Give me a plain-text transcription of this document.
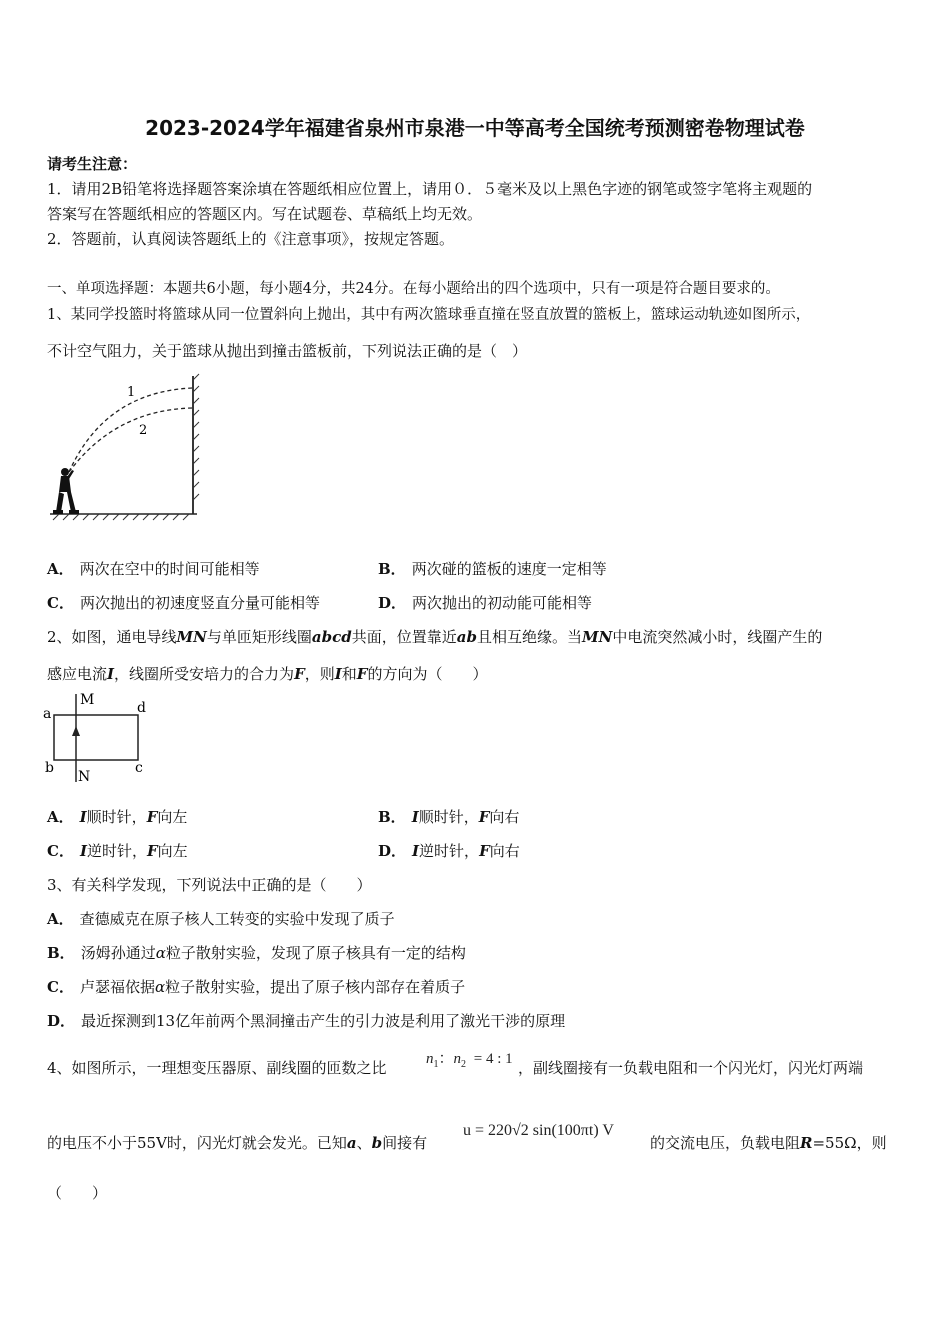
2023-2024学年福建省泉州市泉港一中等高考全国统考预测密卷物理试卷
请考生注意：
1．请用2B铅笔将选择题答案涂填在答题纸相应位置上，请用０．５毫米及以上黑色字迹的钢笔或签字笔将主观题的
答案写在答题纸相应的答题区内。写在试题卷、草稿纸上均无效。
2．答题前，认真阅读答题纸上的《注意事项》，按规定答题。
一、单项选择题：本题共6小题，每小题4分，共24分。在每小题给出的四个选项中，只有一项是符合题目要求的。
1、某同学投篮时将篮球从同一位置斜向上抛出，其中有两次篮球垂直撞在竖直放置的篮板上，篮球运动轨迹如图所示，
不计空气阻力，关于篮球从抛出到撞击篮板前，下列说法正确的是（　）
1
2
A． 两次在空中的时间可能相等	B． 两次碰的篮板的速度一定相等
C． 两次抛出的初速度竖直分量可能相等	D． 两次抛出的初动能可能相等
2、如图，通电导线MN与单匝矩形线圈abcd共面，位置靠近ab且相互绝缘。当MN中电流突然减小时，线圈产生的
感应电流I，线圈所受安培力的合力为F，则I和F的方向为（　　）
M
N
a
b	c
d
A． I顺时针，F向左	B． I顺时针，F向右
C． I逆时针，F向左	D． I逆时针，F向右
3、有关科学发现，下列说法中正确的是（　　）
A． 查德威克在原子核人工转变的实验中发现了质子
B． 汤姆孙通过α粒子散射实验，发现了原子核具有一定的结构
C． 卢瑟福依据α粒子散射实验，提出了原子核内部存在着质子
D． 最近探测到13亿年前两个黑洞撞击产生的引力波是利用了激光干涉的原理
4、如图所示，一理想变压器原、副线圈的匝数之比	$n_1$：$n_2 = 4$ : 1 ，副线圈接有一负载电阻和一个闪光灯，闪光灯两端
的电压不小于55V时，闪光灯就会发光。已知a、b间接有
u = 220√2 sin(100πt) V
的交流电压，负载电阻R=55Ω，则
（　　）
